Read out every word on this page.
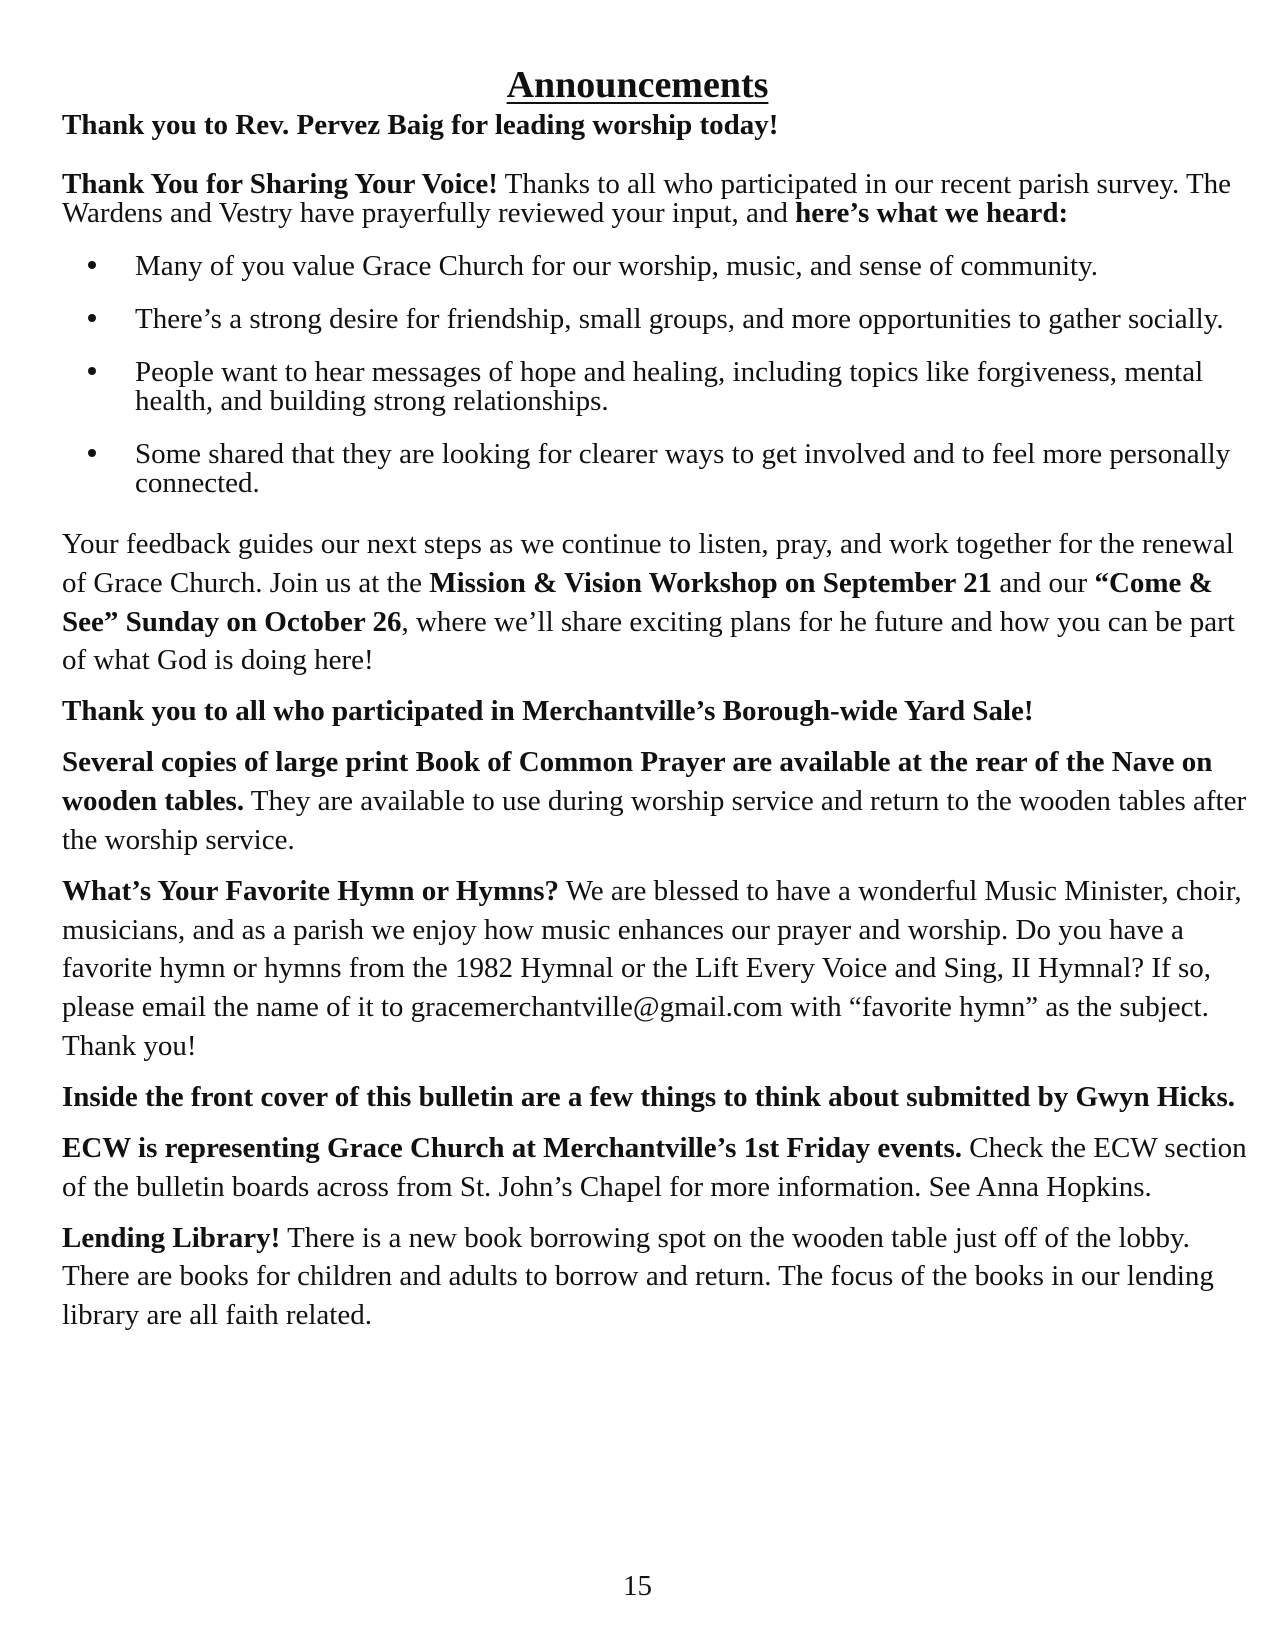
Announcements

Thank you to Rev. Pervez Baig for leading worship today!

Thank You for Sharing Your Voice! Thanks to all who participated in our recent parish survey. The Wardens and Vestry have prayerfully reviewed your input, and here’s what we heard:

Many of you value Grace Church for our worship, music, and sense of community.
There’s a strong desire for friendship, small groups, and more opportunities to gather socially.
People want to hear messages of hope and healing, including topics like forgiveness, mental health, and building strong relationships.
Some shared that they are looking for clearer ways to get involved and to feel more personally connected.

Your feedback guides our next steps as we continue to listen, pray, and work together for the renewal of Grace Church. Join us at the Mission & Vision Workshop on September 21 and our “Come & See” Sunday on October 26, where we’ll share exciting plans for he future and how you can be part of what God is doing here!

Thank you to all who participated in Merchantville’s Borough-wide Yard Sale!

Several copies of large print Book of Common Prayer are available at the rear of the Nave on wooden tables. They are available to use during worship service and return to the wooden tables after the worship service.

What’s Your Favorite Hymn or Hymns? We are blessed to have a wonderful Music Minister, choir, musicians, and as a parish we enjoy how music enhances our prayer and worship. Do you have a favorite hymn or hymns from the 1982 Hymnal or the Lift Every Voice and Sing, II Hymnal? If so, please email the name of it to gracemerchantville@gmail.com with “favorite hymn” as the subject. Thank you!

Inside the front cover of this bulletin are a few things to think about submitted by Gwyn Hicks.

ECW is representing Grace Church at Merchantville’s 1st Friday events. Check the ECW section of the bulletin boards across from St. John’s Chapel for more information. See Anna Hopkins.

Lending Library! There is a new book borrowing spot on the wooden table just off of the lobby. There are books for children and adults to borrow and return. The focus of the books in our lending library are all faith related.

15
